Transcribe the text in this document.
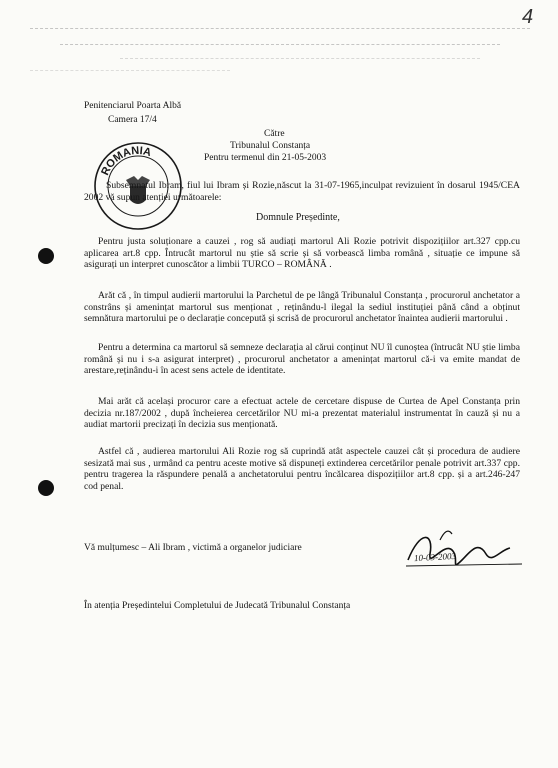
4
Penitenciarul Poarta Albă
Camera 17/4
Către
Tribunalul Constanța
Pentru termenul din 21-05-2003
ROMANIA
Subsemnatul Ibram, fiul lui Ibram și Rozie,născut la 31-07-1965,inculpat revizuient în dosarul 1945/CEA 2002 vă supun atenției următoarele:
Domnule Președinte,

Pentru justa soluționare a cauzei , rog să audiați martorul Ali Rozie potrivit dispozițiilor art.327 cpp.cu aplicarea art.8 cpp. Întrucât martorul nu știe să scrie și să vorbească limba română , situație ce impune să asigurați un interpret cunoscător a limbii TURCO – ROMÂNĂ .

Arăt că , în timpul audierii martorului la Parchetul de pe lângă Tribunalul Constanța , procurorul anchetator a constrâns și amenințat martorul sus menționat , reținându-l ilegal la sediul instituției până când a obținut semnătura martorului pe o declarație concepută și scrisă de procurorul anchetator înaintea audierii martorului .

Pentru a determina ca martorul să semneze declarația al cărui conținut NU îl cunoștea (întrucât NU știe limba română și nu i s-a asigurat interpret) , procurorul anchetator a amenințat martorul că-i va emite mandat de arestare,reținându-i în acest sens actele de identitate.

Mai arăt că același procuror care a efectuat actele de cercetare dispuse de Curtea de Apel Constanța prin decizia nr.187/2002 , după încheierea cercetărilor NU mi-a prezentat materialul instrumentat în cauză și nu a audiat martorii precizați în decizia sus menționată.

Astfel că , audierea martorului Ali Rozie rog să cuprindă atât aspectele cauzei cât și procedura de audiere sesizată mai sus , urmând ca pentru aceste motive să dispuneți extinderea cercetărilor penale potrivit art.337 cpp. pentru tragerea la răspundere penală a anchetatorului pentru încălcarea dispozițiilor art.8 cpp. și a art.246-247 cod penal.

Vă mulțumesc – Ali Ibram , victimă a organelor judiciare
10-03-2003
În atenția Președintelui Completului de Judecată Tribunalul Constanța
